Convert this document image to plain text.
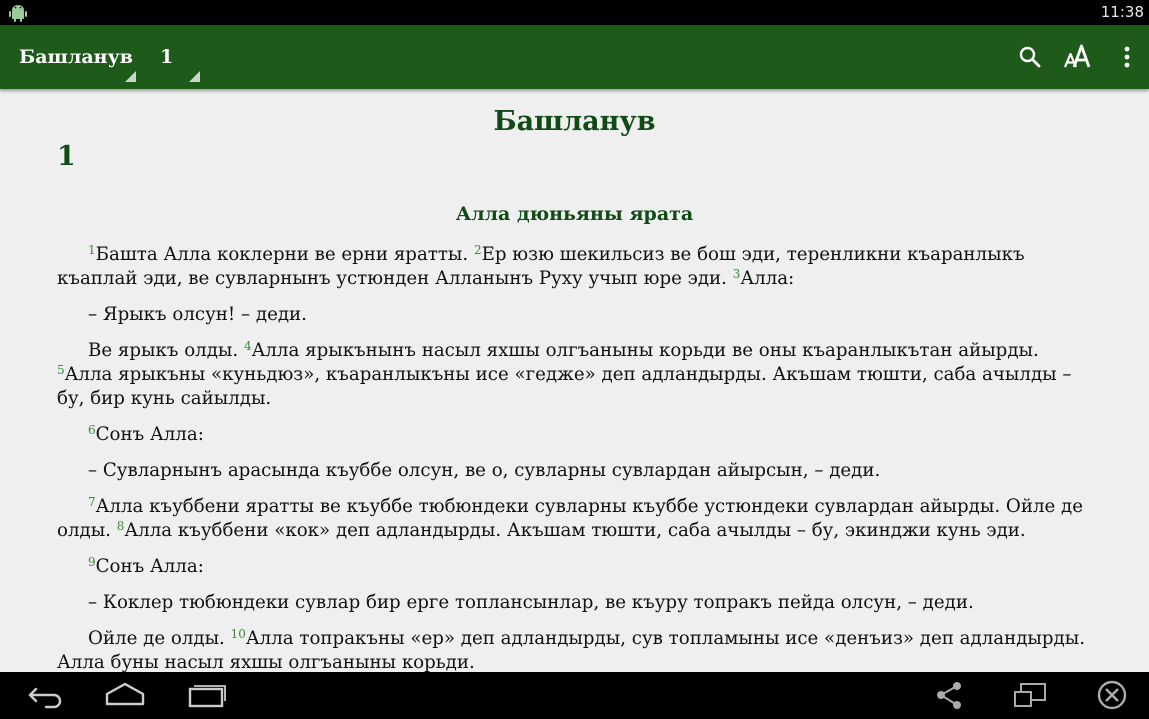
11:38
Башланув 1
Башланув
1
Алла дюньяны ярата

$^1$Башта Алла коклерни ве ерни яратты. $^2$Ер юзю шекильсиз ве бош эди, теренликни къаранлыкъ къаплай эди, ве сувларнынъ устюнден Алланынъ Руху учып юре эди. $^3$Алла:

– Ярыкъ олсун! – деди.

Ве ярыкъ олды. $^4$Алла ярыкънынъ насыл яхшы олгъаныны корьди ве оны къаранлыкътан айырды. $^5$Алла ярыкъны «куньдюз», къаранлыкъны исе «гедже» деп адландырды. Акъшам тюшти, саба ачылды – бу, бир кунь сайылды.

$^6$Сонъ Алла:

– Сувларнынъ арасында къуббе олсун, ве о, сувларны сувлардан айырсын, – деди.

$^7$Алла къуббени яратты ве къуббе тюбюндеки сувларны къуббе устюндеки сувлардан айырды. Ойле де олды. $^8$Алла къуббени «кок» деп адландырды. Акъшам тюшти, саба ачылды – бу, экинджи кунь эди.

$^9$Сонъ Алла:

– Коклер тюбюндеки сувлар бир ерге топлансынлар, ве къуру топракъ пейда олсун, – деди.

Ойле де олды. $^{10}$Алла топракъны «ер» деп адландырды, сув топламыны исе «денъиз» деп адландырды. Алла буны насыл яхшы олгъаныны корьди.
